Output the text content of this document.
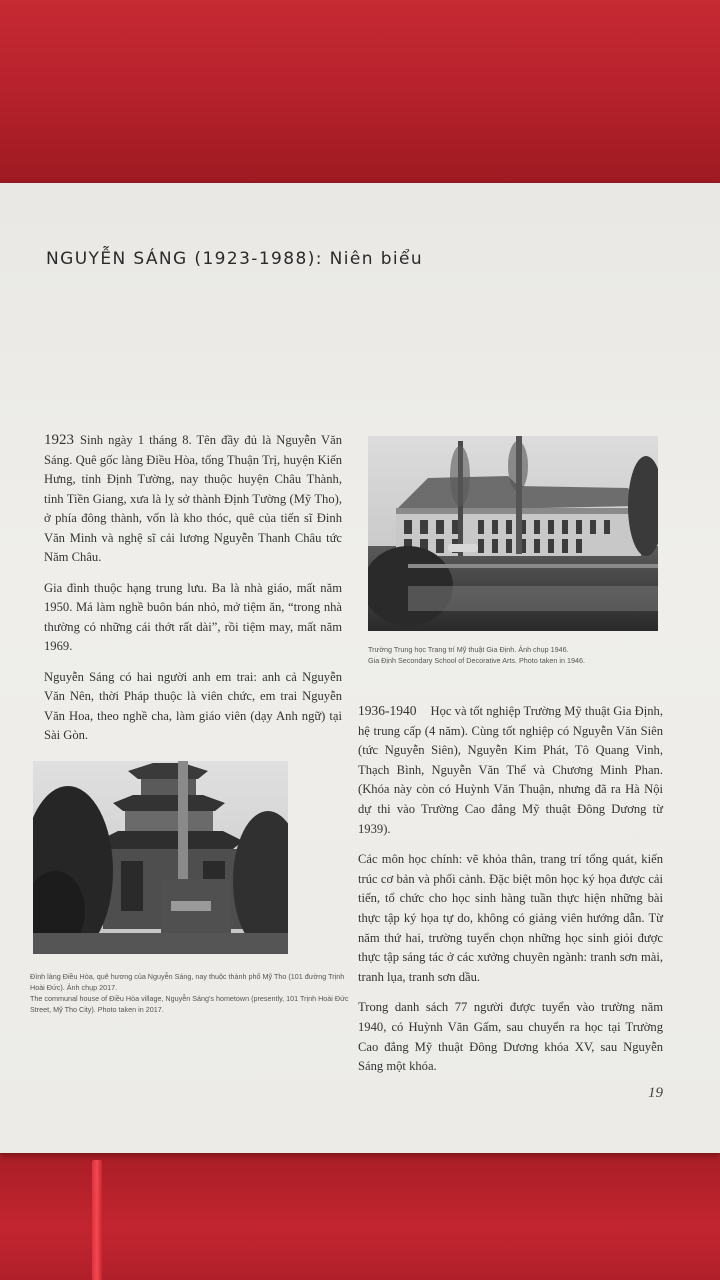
NGUYỄN SÁNG (1923-1988): Niên biểu

1923 Sinh ngày 1 tháng 8. Tên đầy đủ là Nguyễn Văn Sáng. Quê gốc làng Điều Hòa, tổng Thuận Trị, huyện Kiến Hưng, tỉnh Định Tường, nay thuộc huyện Châu Thành, tỉnh Tiền Giang, xưa là lỵ sở thành Định Tường (Mỹ Tho), ở phía đông thành, vốn là kho thóc, quê của tiến sĩ Đinh Văn Minh và nghệ sĩ cải lương Nguyễn Thanh Châu tức Năm Châu.

Gia đình thuộc hạng trung lưu. Ba là nhà giáo, mất năm 1950. Má làm nghề buôn bán nhỏ, mở tiệm ăn, “trong nhà thường có những cái thớt rất dài”, rồi tiệm may, mất năm 1969.

Nguyễn Sáng có hai người anh em trai: anh cả Nguyễn Văn Nên, thời Pháp thuộc là viên chức, em trai Nguyễn Văn Hoa, theo nghề cha, làm giáo viên (dạy Anh ngữ) tại Sài Gòn.

Trường Trung học Trang trí Mỹ thuật Gia Định. Ảnh chụp 1946.
Gia Định Secondary School of Decorative Arts. Photo taken in 1946.
Đình làng Điều Hòa, quê hương của Nguyễn Sáng, nay thuộc thành phố Mỹ Tho (101 đường Trịnh Hoài Đức). Ảnh chụp 2017.
The communal house of Điều Hòa village, Nguyễn Sáng's hometown (presently, 101 Trịnh Hoài Đức Street, Mỹ Tho City). Photo taken in 2017.

1936-1940 Học và tốt nghiệp Trường Mỹ thuật Gia Định, hệ trung cấp (4 năm). Cùng tốt nghiệp có Nguyễn Văn Siên (tức Nguyễn Siên), Nguyễn Kim Phát, Tô Quang Vinh, Thạch Bình, Nguyễn Văn Thể và Chương Minh Phan. (Khóa này còn có Huỳnh Văn Thuận, nhưng đã ra Hà Nội dự thi vào Trường Cao đẳng Mỹ thuật Đông Dương từ 1939).

Các môn học chính: vẽ khỏa thân, trang trí tổng quát, kiến trúc cơ bản và phối cảnh. Đặc biệt môn học ký họa được cải tiến, tổ chức cho học sinh hàng tuần thực hiện những bài thực tập ký họa tự do, không có giảng viên hướng dẫn. Từ năm thứ hai, trường tuyển chọn những học sinh giỏi được thực tập sáng tác ở các xưởng chuyên ngành: tranh sơn mài, tranh lụa, tranh sơn dầu.

Trong danh sách 77 người được tuyển vào trường năm 1940, có Huỳnh Văn Gấm, sau chuyển ra học tại Trường Cao đẳng Mỹ thuật Đông Dương khóa XV, sau Nguyễn Sáng một khóa.

19
